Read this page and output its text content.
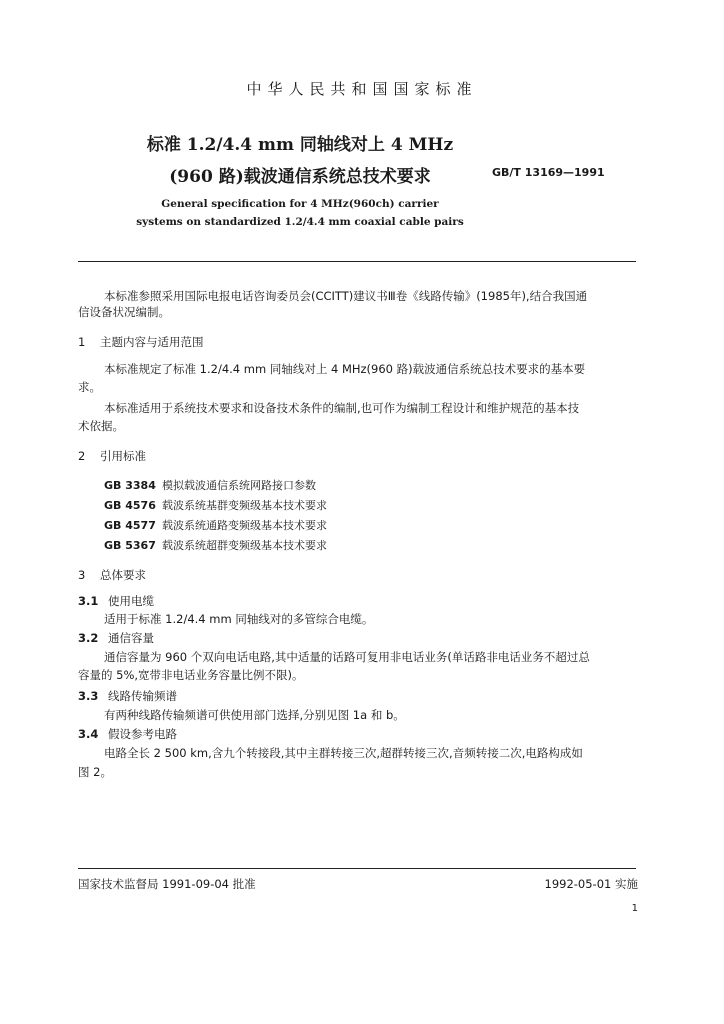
中华人民共和国国家标准
标准 1.2/4.4 mm 同轴线对上 4 MHz
(960 路)载波通信系统总技术要求	GB/T 13169—1991
General specification for 4 MHz(960ch) carrier
systems on standardized 1.2/4.4 mm coaxial cable pairs
本标准参照采用国际电报电话咨询委员会(CCITT)建议书Ⅲ卷《线路传输》(1985年),结合我国通
信设备状况编制。
1 主题内容与适用范围
本标准规定了标准 1.2/4.4 mm 同轴线对上 4 MHz(960 路)载波通信系统总技术要求的基本要
求。
本标准适用于系统技术要求和设备技术条件的编制,也可作为编制工程设计和维护规范的基本技
术依据。
2 引用标准
GB 3384 模拟载波通信系统网路接口参数
GB 4576 载波系统基群变频级基本技术要求
GB 4577 载波系统通路变频级基本技术要求
GB 5367 载波系统超群变频级基本技术要求
3 总体要求
3.1 使用电缆
适用于标准 1.2/4.4 mm 同轴线对的多管综合电缆。
3.2 通信容量
通信容量为 960 个双向电话电路,其中适量的话路可复用非电话业务(单话路非电话业务不超过总
容量的 5%,宽带非电话业务容量比例不限)。
3.3 线路传输频谱
有两种线路传输频谱可供使用部门选择,分别见图 1a 和 b。
3.4 假设参考电路
电路全长 2 500 km,含九个转接段,其中主群转接三次,超群转接三次,音频转接二次,电路构成如
图 2。
国家技术监督局 1991-09-04 批准	1992-05-01 实施
1
